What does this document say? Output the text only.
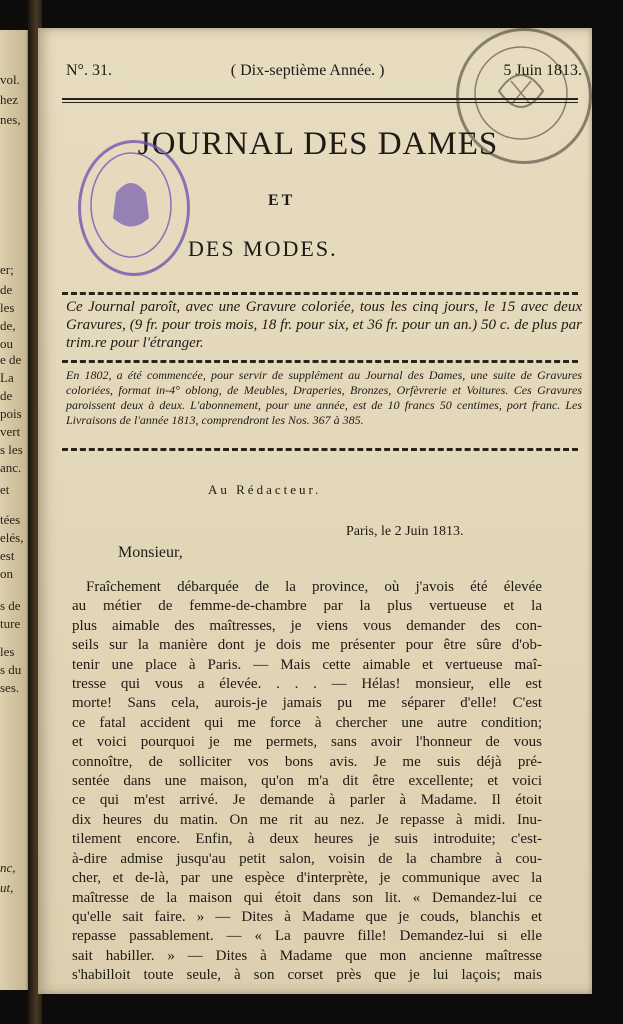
vol.
hez
nes,
er;
de
les
de,
ou
e de
La
de
pois
vert
s les
anc.
et
tées
elés,
est
on
s de
ture
les
s du
ses.
nc,
ut,
N°. 31.	( Dix-septième Année. )	5 Juin 1813.
JOURNAL DES DAMES
ET
DES MODES.
Ce Journal paroît, avec une Gravure coloriée, tous les cinq jours, le 15 avec deux Gravures, (9 fr. pour trois mois, 18 fr. pour six, et 36 fr. pour un an.) 50 c. de plus par trim.re pour l'étranger.
En 1802, a été commencée, pour servir de supplément au Journal des Dames, une suite de Gravures coloriées, format in-4° oblong, de Meubles, Draperies, Bronzes, Orfèvrerie et Voitures. Ces Gravures paroissent deux à deux. L'abonnement, pour une année, est de 10 francs 50 centimes, port franc. Les Livraisons de l'année 1813, comprendront les Nos. 367 à 385.
Au Rédacteur.
Paris, le 2 Juin 1813.
Monsieur,
Fraîchement débarquée de la province, où j'avois été élevée
au métier de femme-de-chambre par la plus vertueuse et la
plus aimable des maîtresses, je viens vous demander des con-
seils sur la manière dont je dois me présenter pour être sûre d'ob-
tenir une place à Paris. — Mais cette aimable et vertueuse maî-
tresse qui vous a élevée. . . . — Hélas! monsieur, elle est
morte! Sans cela, aurois-je jamais pu me séparer d'elle! C'est
ce fatal accident qui me force à chercher une autre condition;
et voici pourquoi je me permets, sans avoir l'honneur de vous
connoître, de solliciter vos bons avis. Je me suis déjà pré-
sentée dans une maison, qu'on m'a dit être excellente; et voici
ce qui m'est arrivé. Je demande à parler à Madame. Il étoit
dix heures du matin. On me rit au nez. Je repasse à midi. Inu-
tilement encore. Enfin, à deux heures je suis introduite; c'est-
à-dire admise jusqu'au petit salon, voisin de la chambre à cou-
cher, et de-là, par une espèce d'interprète, je communique avec la
maîtresse de la maison qui étoit dans son lit. « Demandez-lui ce
qu'elle sait faire. » — Dites à Madame que je couds, blanchis et
repasse passablement. — « La pauvre fille! Demandez-lui si elle
sait habiller. » — Dites à Madame que mon ancienne maîtresse
s'habilloit toute seule, à son corset près que je lui laçois; mais
